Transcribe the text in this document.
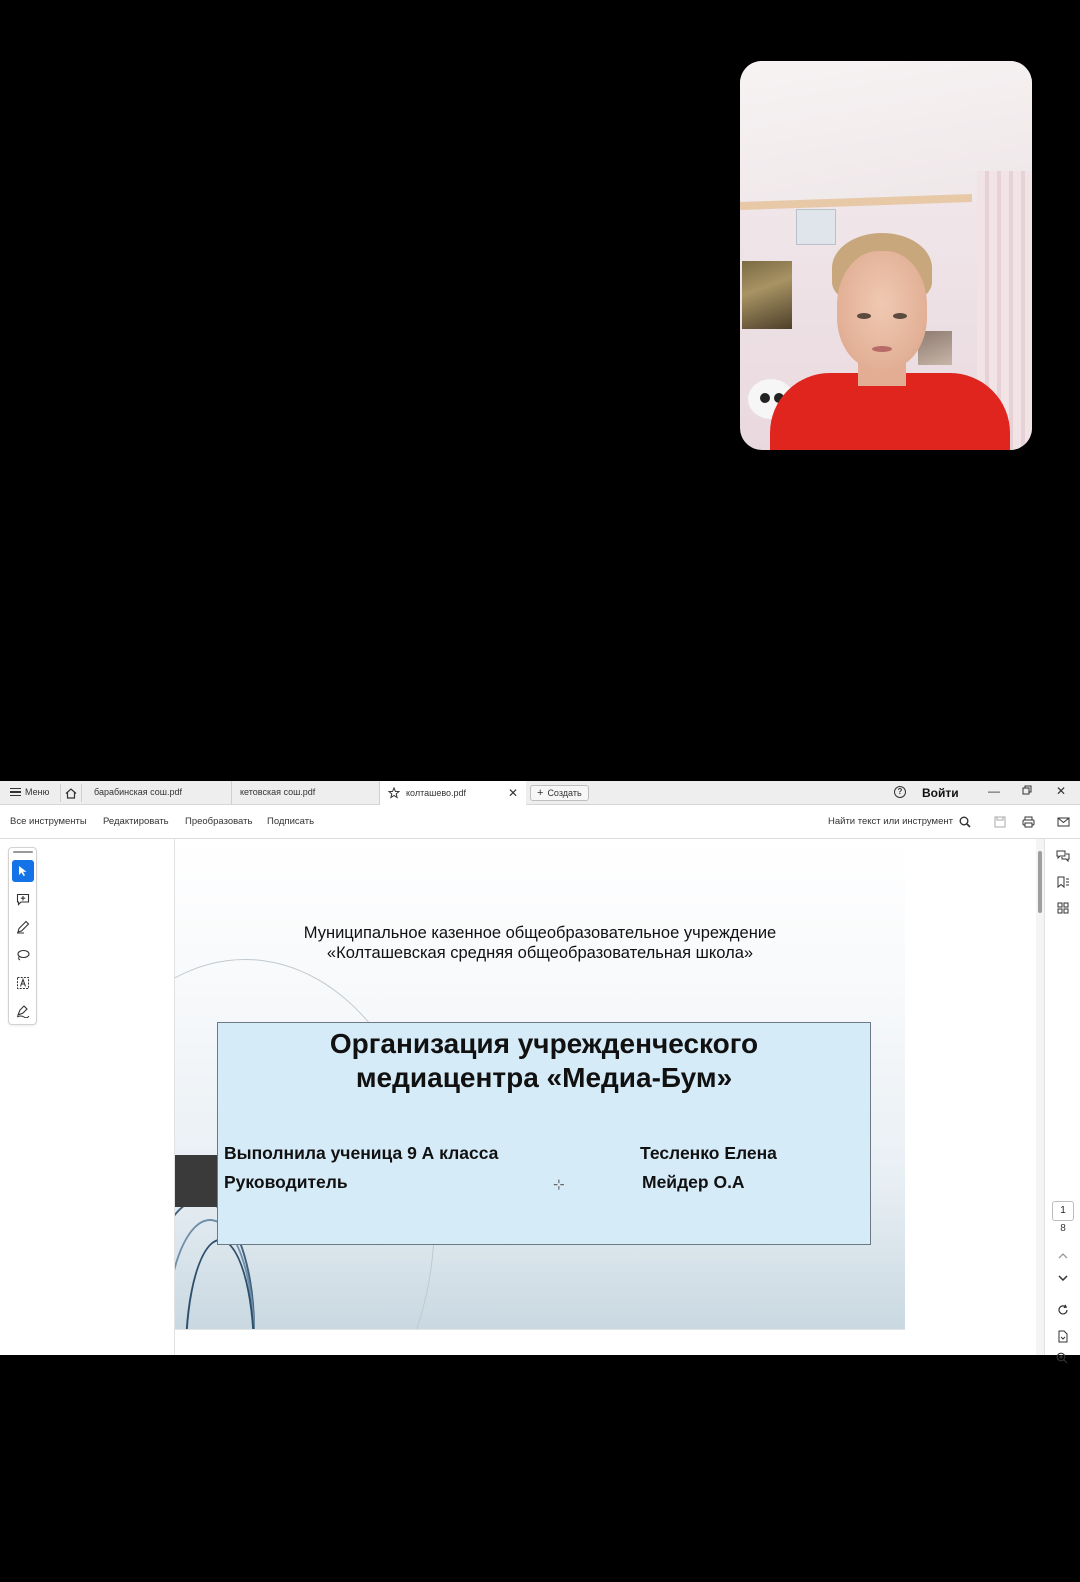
Меню	барабинская сош.pdf	кетовская сош.pdf	колташево.pdf	✕ + Создать	? Войти —	✕
Все инструменты Редактировать Преобразовать Подписать	Найти текст или инструмент
Муниципальное казенное общеобразовательное учреждение
«Колташевская средняя общеобразовательная школа»
Организация учрежденческого
медиацентра «Медиа-Бум»
Выполнила ученица 9 А класса	Тесленко Елена
Руководитель	Мейдер О.А
⊹
1
8
